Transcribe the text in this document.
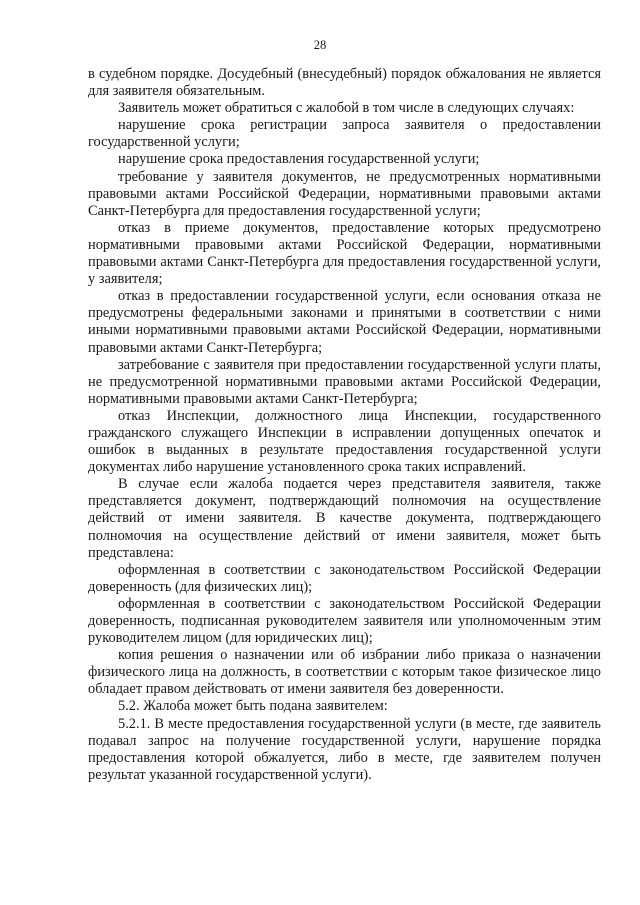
28

в судебном порядке. Досудебный (внесудебный) порядок обжалования не является для заявителя обязательным.

Заявитель может обратиться с жалобой в том числе в следующих случаях:

нарушение срока регистрации запроса заявителя о предоставлении государственной услуги;

нарушение срока предоставления государственной услуги;

требование у заявителя документов, не предусмотренных нормативными правовыми актами Российской Федерации, нормативными правовыми актами Санкт-Петербурга для предоставления государственной услуги;

отказ в приеме документов, предоставление которых предусмотрено нормативными правовыми актами Российской Федерации, нормативными правовыми актами Санкт-Петербурга для предоставления государственной услуги, у заявителя;

отказ в предоставлении государственной услуги, если основания отказа не предусмотрены федеральными законами и принятыми в соответствии с ними иными нормативными правовыми актами Российской Федерации, нормативными правовыми актами Санкт-Петербурга;

затребование с заявителя при предоставлении государственной услуги платы, не предусмотренной нормативными правовыми актами Российской Федерации, нормативными правовыми актами Санкт-Петербурга;

отказ Инспекции, должностного лица Инспекции, государственного гражданского служащего Инспекции в исправлении допущенных опечаток и ошибок в выданных в результате предоставления государственной услуги документах либо нарушение установленного срока таких исправлений.

В случае если жалоба подается через представителя заявителя, также представляется документ, подтверждающий полномочия на осуществление действий от имени заявителя. В качестве документа, подтверждающего полномочия на осуществление действий от имени заявителя, может быть представлена:

оформленная в соответствии с законодательством Российской Федерации доверенность (для физических лиц);

оформленная в соответствии с законодательством Российской Федерации доверенность, подписанная руководителем заявителя или уполномоченным этим руководителем лицом (для юридических лиц);

копия решения о назначении или об избрании либо приказа о назначении физического лица на должность, в соответствии с которым такое физическое лицо обладает правом действовать от имени заявителя без доверенности.

5.2. Жалоба может быть подана заявителем:

5.2.1. В месте предоставления государственной услуги (в месте, где заявитель подавал запрос на получение государственной услуги, нарушение порядка предоставления которой обжалуется, либо в месте, где заявителем получен результат указанной государственной услуги).
